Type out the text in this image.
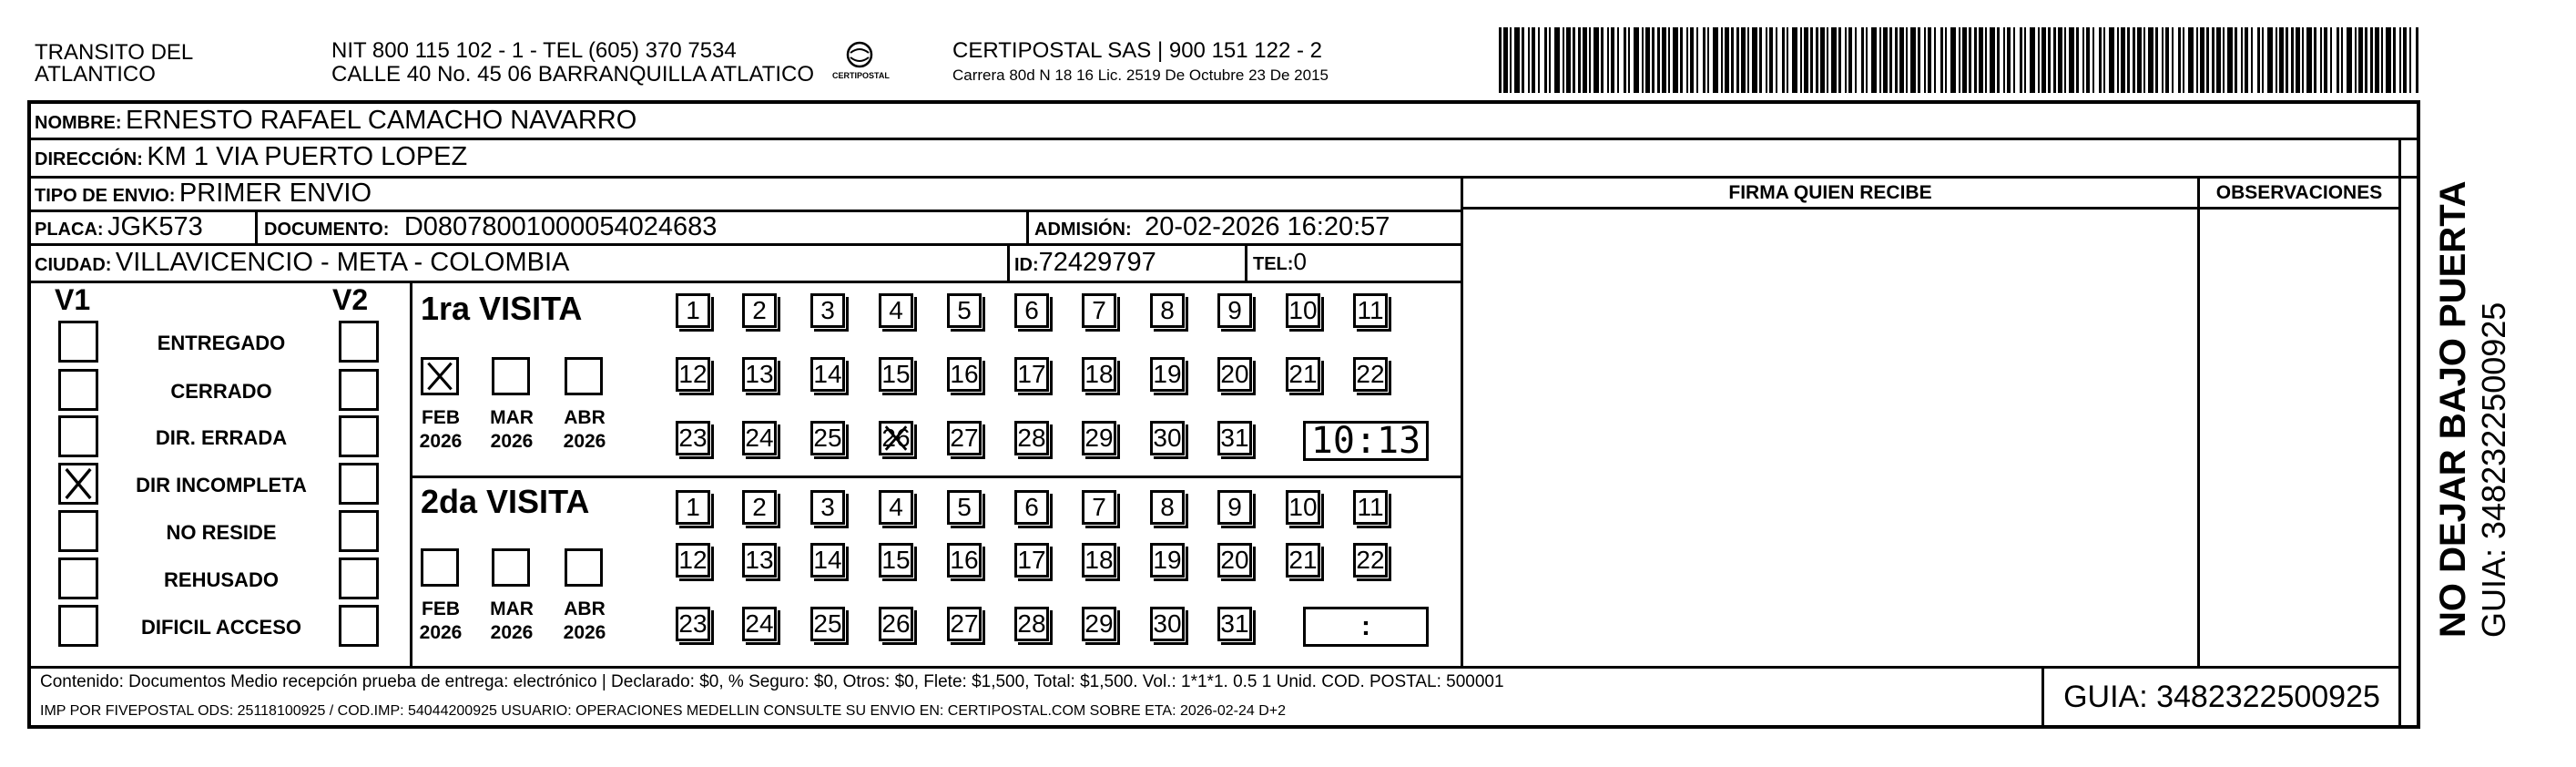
TRANSITO DEL
ATLANTICO
NIT 800 115 102 - 1 - TEL (605) 370 7534
CALLE 40 No. 45 06 BARRANQUILLA ATLATICO CERTIPOSTAL
CERTIPOSTAL SAS | 900 151 122 - 2
Carrera 80d N 18 16 Lic. 2519 De Octubre 23 De 2015
NOMBRE: ERNESTO RAFAEL CAMACHO NAVARRO
DIRECCIÓN: KM 1 VIA PUERTO LOPEZ
TIPO DE ENVIO: PRIMER ENVIO	FIRMA QUIEN RECIBE	OBSERVACIONES
PLACA: JGK573	DOCUMENTO: D08078001000054024683	ADMISIÓN: 20-02-2026 16:20:57
CIUDAD: VILLAVICENCIO - META - COLOMBIA	ID:72429797	TEL:0
V1	V2
ENTREGADO
CERRADO
DIR. ERRADA
DIR INCOMPLETA
NO RESIDE
REHUSADO
DIFICIL ACCESO
1ra VISITA
FEB
2026
MAR
2026
ABR
2026
1 2 3 4 5 6 7 8 9 10 11
12 13 14 15 16 17 18 19 20 21 22
23 24 25 26 27 28 29 30 31 10:13
2da VISITA
FEB
2026
MAR
2026
ABR
2026
1 2 3 4 5 6 7 8 9 10 11
12 13 14 15 16 17 18 19 20 21 22
23 24 25 26 27 28 29 30 31	:
Contenido: Documentos Medio recepción prueba de entrega: electrónico | Declarado: $0, % Seguro: $0, Otros: $0, Flete: $1,500, Total: $1,500. Vol.: 1*1*1. 0.5 1 Unid. COD. POSTAL: 500001
IMP POR FIVEPOSTAL ODS: 25118100925 / COD.IMP: 54044200925 USUARIO: OPERACIONES MEDELLIN CONSULTE SU ENVIO EN: CERTIPOSTAL.COM SOBRE ETA: 2026-02-24 D+2	GUIA: 3482322500925
NO DEJAR BAJO PUERTA GUIA: 3482322500925
